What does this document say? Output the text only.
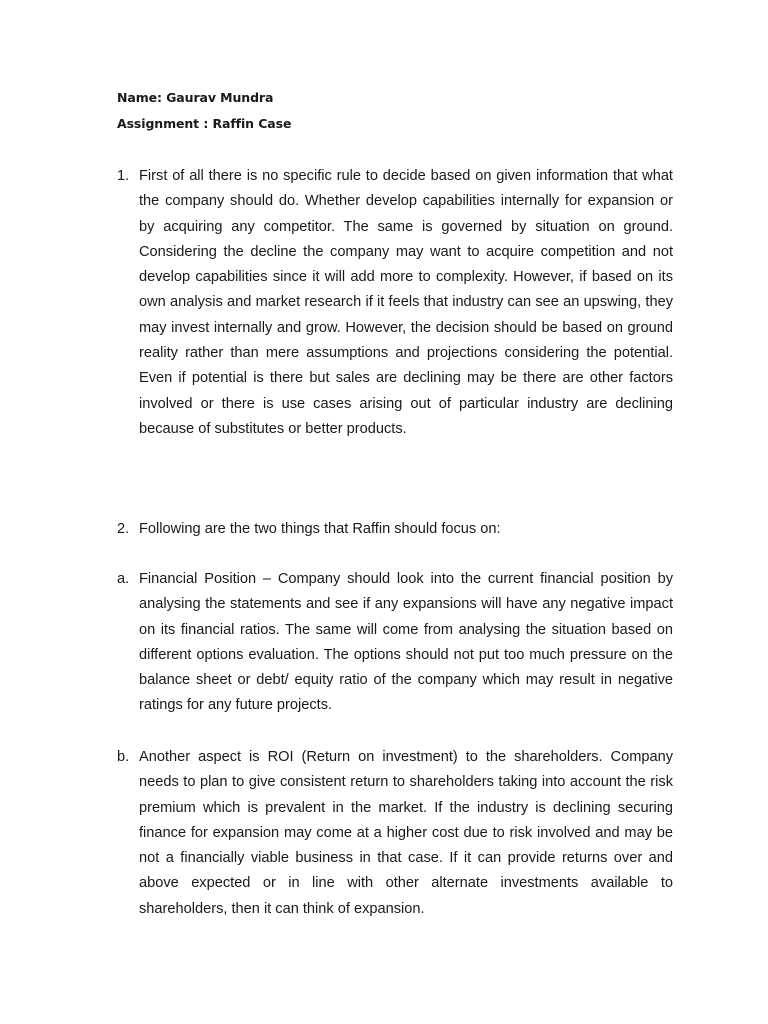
Name: Gaurav Mundra
Assignment : Raffin Case
1. First of all there is no specific rule to decide based on given information that what the company should do. Whether develop capabilities internally for expansion or by acquiring any competitor. The same is governed by situation on ground. Considering the decline the company may want to acquire competition and not develop capabilities since it will add more to complexity. However, if based on its own analysis and market research if it feels that industry can see an upswing, they may invest internally and grow. However, the decision should be based on ground reality rather than mere assumptions and projections considering the potential. Even if potential is there but sales are declining may be there are other factors involved or there is use cases arising out of particular industry are declining because of substitutes or better products.
2. Following are the two things that Raffin should focus on:
a. Financial Position – Company should look into the current financial position by analysing the statements and see if any expansions will have any negative impact on its financial ratios. The same will come from analysing the situation based on different options evaluation. The options should not put too much pressure on the balance sheet or debt/ equity ratio of the company which may result in negative ratings for any future projects.
b. Another aspect is ROI (Return on investment) to the shareholders. Company needs to plan to give consistent return to shareholders taking into account the risk premium which is prevalent in the market. If the industry is declining securing finance for expansion may come at a higher cost due to risk involved and may be not a financially viable business in that case. If it can provide returns over and above expected or in line with other alternate investments available to shareholders, then it can think of expansion.
